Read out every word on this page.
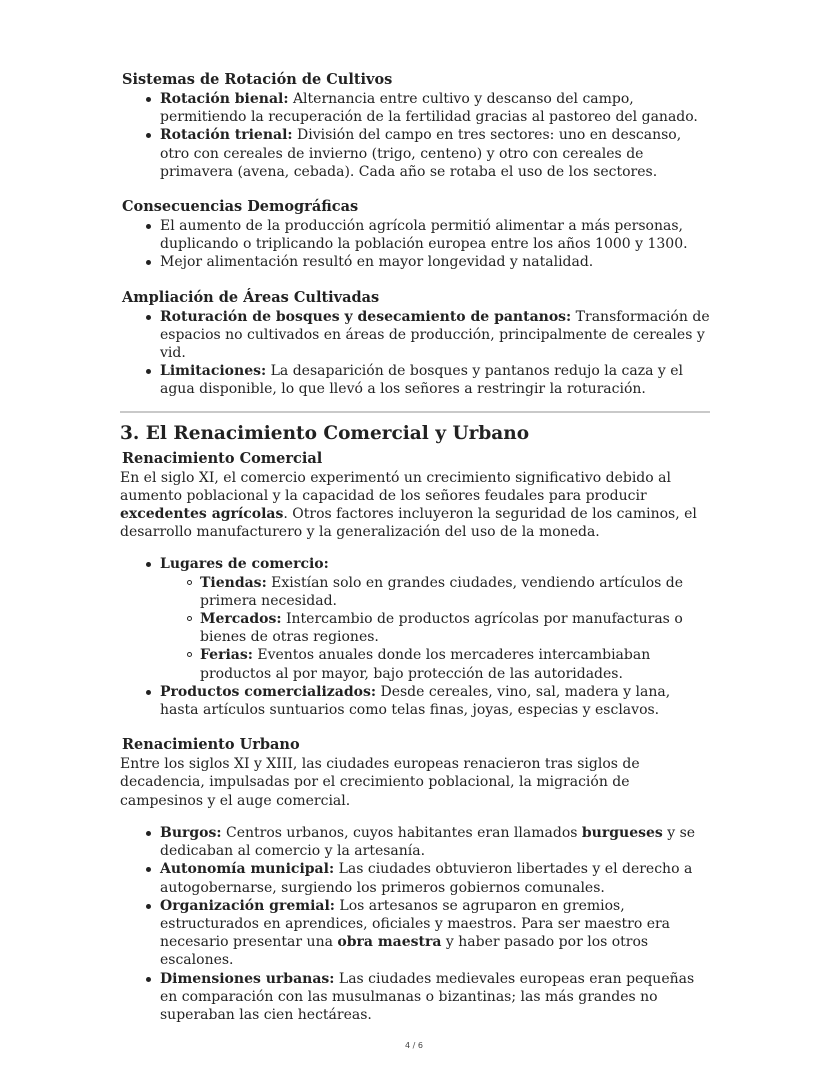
Sistemas de Rotación de Cultivos
Rotación bienal: Alternancia entre cultivo y descanso del campo, permitiendo la recuperación de la fertilidad gracias al pastoreo del ganado.
Rotación trienal: División del campo en tres sectores: uno en descanso, otro con cereales de invierno (trigo, centeno) y otro con cereales de primavera (avena, cebada). Cada año se rotaba el uso de los sectores.
Consecuencias Demográficas
El aumento de la producción agrícola permitió alimentar a más personas, duplicando o triplicando la población europea entre los años 1000 y 1300.
Mejor alimentación resultó en mayor longevidad y natalidad.
Ampliación de Áreas Cultivadas
Roturación de bosques y desecamiento de pantanos: Transformación de espacios no cultivados en áreas de producción, principalmente de cereales y vid.
Limitaciones: La desaparición de bosques y pantanos redujo la caza y el agua disponible, lo que llevó a los señores a restringir la roturación.
3. El Renacimiento Comercial y Urbano
Renacimiento Comercial

En el siglo XI, el comercio experimentó un crecimiento significativo debido al aumento poblacional y la capacidad de los señores feudales para producir excedentes agrícolas. Otros factores incluyeron la seguridad de los caminos, el desarrollo manufacturero y la generalización del uso de la moneda.

Lugares de comercio:
Tiendas: Existían solo en grandes ciudades, vendiendo artículos de primera necesidad.
Mercados: Intercambio de productos agrícolas por manufacturas o bienes de otras regiones.
Ferias: Eventos anuales donde los mercaderes intercambiaban productos al por mayor, bajo protección de las autoridades.
Productos comercializados: Desde cereales, vino, sal, madera y lana, hasta artículos suntuarios como telas finas, joyas, especias y esclavos.
Renacimiento Urbano

Entre los siglos XI y XIII, las ciudades europeas renacieron tras siglos de decadencia, impulsadas por el crecimiento poblacional, la migración de campesinos y el auge comercial.

Burgos: Centros urbanos, cuyos habitantes eran llamados burgueses y se dedicaban al comercio y la artesanía.
Autonomía municipal: Las ciudades obtuvieron libertades y el derecho a autogobernarse, surgiendo los primeros gobiernos comunales.
Organización gremial: Los artesanos se agruparon en gremios, estructurados en aprendices, oficiales y maestros. Para ser maestro era necesario presentar una obra maestra y haber pasado por los otros escalones.
Dimensiones urbanas: Las ciudades medievales europeas eran pequeñas en comparación con las musulmanas o bizantinas; las más grandes no superaban las cien hectáreas.
4 / 6
